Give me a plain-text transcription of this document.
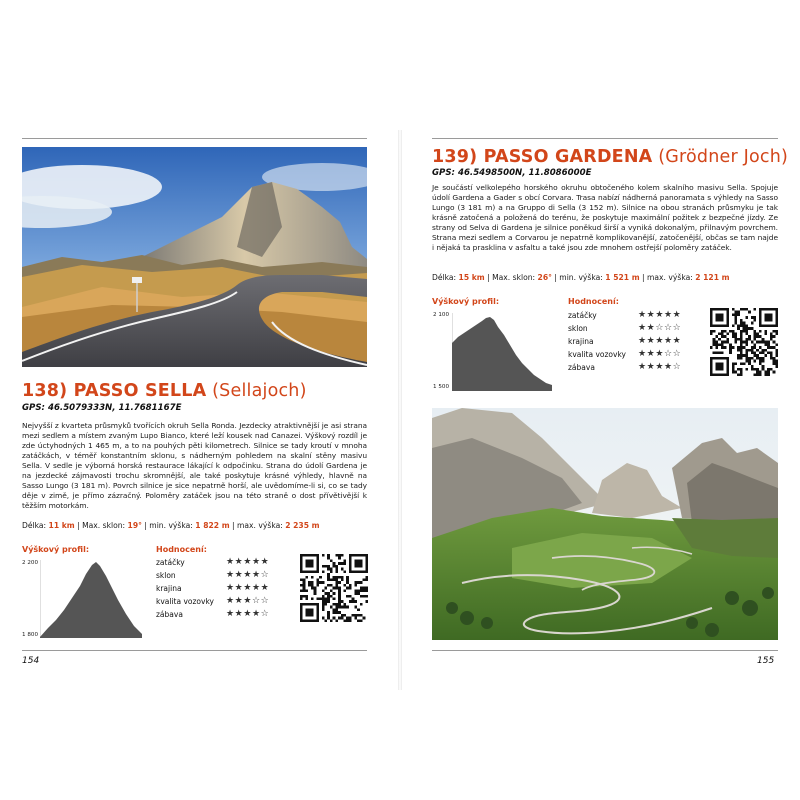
138) PASSO SELLA (Sellajoch)
GPS: 46.5079333N, 11.7681167E
Nejvyšší z kvarteta průsmyků tvořících okruh Sella Ronda. Jezdecky atraktivnější je asi strana mezi sedlem a místem zvaným Lupo Bianco, které leží kousek nad Canazei. Výškový rozdíl je zde úctyhodných 1 465 m, a to na pouhých pěti kilometrech. Silnice se tady kroutí v mnoha zatáčkách, v téměř konstantním sklonu, s nádherným pohledem na skalní stěny masivu Sella. V sedle je výborná horská restaurace lákající k odpočinku. Strana do údolí Gardena je na jezdecké zájmavosti trochu skromnější, ale také poskytuje krásné výhledy, hlavně na Sasso Lungo (3 181 m). Povrch silnice je sice nepatrně horší, ale uvědomíme-li si, co se tady děje v zimě, je přímo zázračný. Poloměry zatáček jsou na této straně o dost přívětivější k těžším motorkám.
Délka: 11 km | Max. sklon: 19° | min. výška: 1 822 m | max. výška: 2 235 m
Výškový profil:
2 200
1 800
Hodnocení:
zatáčky	★★★★★
sklon	★★★★☆
krajina	★★★★★
kvalita vozovky ★★★☆☆
zábava	★★★★☆
154
139) PASSO GARDENA (Grödner Joch)
GPS: 46.5498500N, 11.8086000E
Je součástí velkolepého horského okruhu obtočeného kolem skalního masivu Sella. Spojuje údolí Gardena a Gader s obcí Corvara. Trasa nabízí nádherná panoramata s výhledy na Sasso Lungo (3 181 m) a na Gruppo di Sella (3 152 m). Silnice na obou stranách průsmyku je tak krásně zatočená a položená do terénu, že poskytuje maximální požitek z bezpečné jízdy. Ze strany od Selva di Gardena je silnice poněkud širší a vyniká dokonalým, přilnavým povrchem. Strana mezi sedlem a Corvarou je nepatrně komplikovanější, zatočenější, občas se tam najde i nějaká ta prasklina v asfaltu a také jsou zde mnohem ostřejší poloměry zatáček.
Délka: 15 km | Max. sklon: 26° | min. výška: 1 521 m | max. výška: 2 121 m
Výškový profil:
2 100
1 500
Hodnocení:
zatáčky	★★★★★
sklon	★★☆☆☆
krajina	★★★★★
kvalita vozovky ★★★☆☆
zábava	★★★★☆
155
